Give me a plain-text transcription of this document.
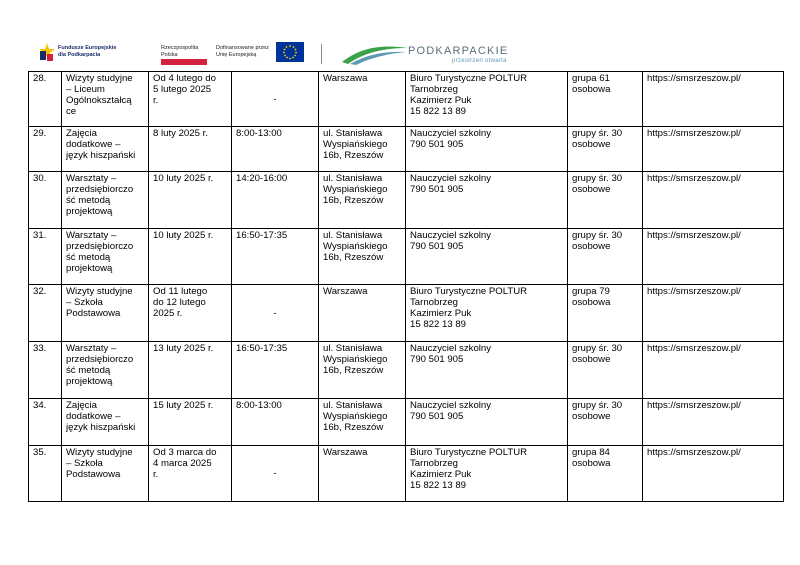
Fundusze Europejskie
dla Podkarpacia
Rzeczpospolita
Polska
Dofinansowane przez
Unię Europejską	PODKARPACKIE
przestrzeń otwarta
28.	Wizyty studyjne
– Liceum
Ogólnokształcą
ce	Od 4 lutego do
5 lutego 2025
r.	-	Warszawa	Biuro Turystyczne POLTUR
Tarnobrzeg
Kazimierz Puk
15 822 13 89	grupa 61
osobowa	https://smsrzeszow.pl/
29.	Zajęcia
dodatkowe –
język hiszpański	8 luty 2025 r.	8:00-13:00	ul. Stanisława
Wyspiańskiego
16b, Rzeszów	Nauczyciel szkolny
790 501 905	grupy śr. 30
osobowe	https://smsrzeszow.pl/
30.	Warsztaty –
przedsiębiorczo
ść metodą
projektową	10 luty 2025 r.	14:20-16:00	ul. Stanisława
Wyspiańskiego
16b, Rzeszów	Nauczyciel szkolny
790 501 905	grupy śr. 30
osobowe	https://smsrzeszow.pl/
31.	Warsztaty –
przedsiębiorczo
ść metodą
projektową	10 luty 2025 r.	16:50-17:35	ul. Stanisława
Wyspiańskiego
16b, Rzeszów	Nauczyciel szkolny
790 501 905	grupy śr. 30
osobowe	https://smsrzeszow.pl/
32.	Wizyty studyjne
– Szkoła
Podstawowa	Od 11 lutego
do 12 lutego
2025 r.	-	Warszawa	Biuro Turystyczne POLTUR
Tarnobrzeg
Kazimierz Puk
15 822 13 89	grupa 79
osobowa	https://smsrzeszow.pl/
33.	Warsztaty –
przedsiębiorczo
ść metodą
projektową	13 luty 2025 r.	16:50-17:35	ul. Stanisława
Wyspiańskiego
16b, Rzeszów	Nauczyciel szkolny
790 501 905	grupy śr. 30
osobowe	https://smsrzeszow.pl/
34.	Zajęcia
dodatkowe –
język hiszpański	15 luty 2025 r.	8:00-13:00	ul. Stanisława
Wyspiańskiego
16b, Rzeszów	Nauczyciel szkolny
790 501 905	grupy śr. 30
osobowe	https://smsrzeszow.pl/
35.	Wizyty studyjne
– Szkoła
Podstawowa	Od 3 marca do
4 marca 2025
r.	-	Warszawa	Biuro Turystyczne POLTUR
Tarnobrzeg
Kazimierz Puk
15 822 13 89	grupa 84
osobowa	https://smsrzeszow.pl/
